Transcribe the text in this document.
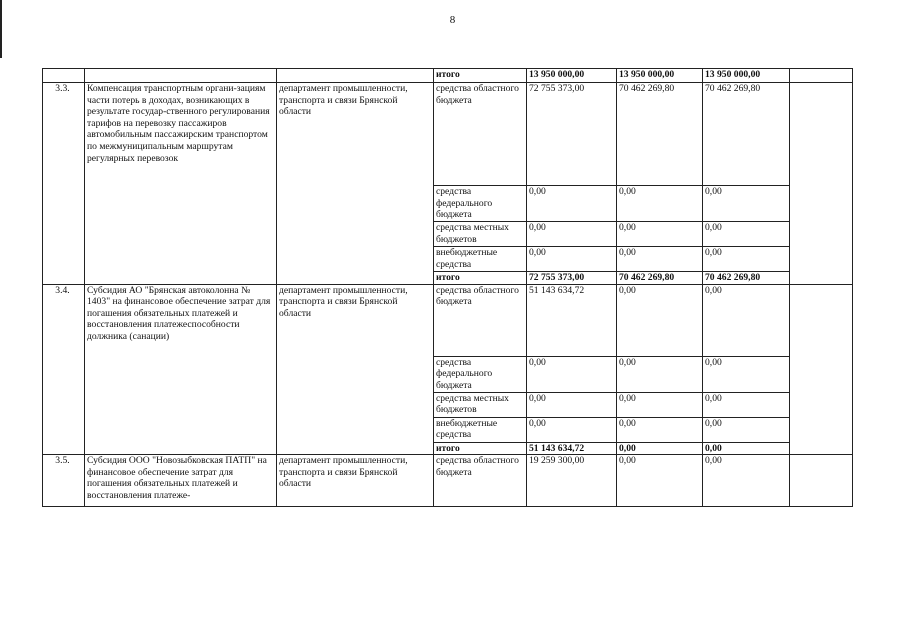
8
			итого	13 950 000,00	13 950 000,00	13 950 000,00	
3.3.	Компенсация транспортным органи-зациям части потерь в доходах, возникающих в результате государ-ственного регулирования тарифов на перевозку пассажиров автомобильным пассажирским транспортом по межмуниципальным маршрутам регулярных перевозок	департамент промышленности, транспорта и связи Брянской области	средства областного бюджета	72 755 373,00	70 462 269,80	70 462 269,80	
			средства федерального бюджета	0,00	0,00	0,00	
			средства местных бюджетов	0,00	0,00	0,00	
			внебюджетные средства	0,00	0,00	0,00	
			итого	72 755 373,00	70 462 269,80	70 462 269,80	
3.4.	Субсидия АО "Брянская автоколонна № 1403" на финансовое обеспечение затрат для погашения обязательных платежей и восстановления платежеспособности должника (санации)	департамент промышленности, транспорта и связи Брянской области	средства областного бюджета	51 143 634,72	0,00	0,00	
			средства федерального бюджета	0,00	0,00	0,00	
			средства местных бюджетов	0,00	0,00	0,00	
			внебюджетные средства	0,00	0,00	0,00	
			итого	51 143 634,72	0,00	0,00	
3.5.	Субсидия ООО "Новозыбковская ПАТП" на финансовое обеспечение затрат для погашения обязательных платежей и восстановления платеже-	департамент промышленности, транспорта и связи Брянской области	средства областного бюджета	19 259 300,00	0,00	0,00	
